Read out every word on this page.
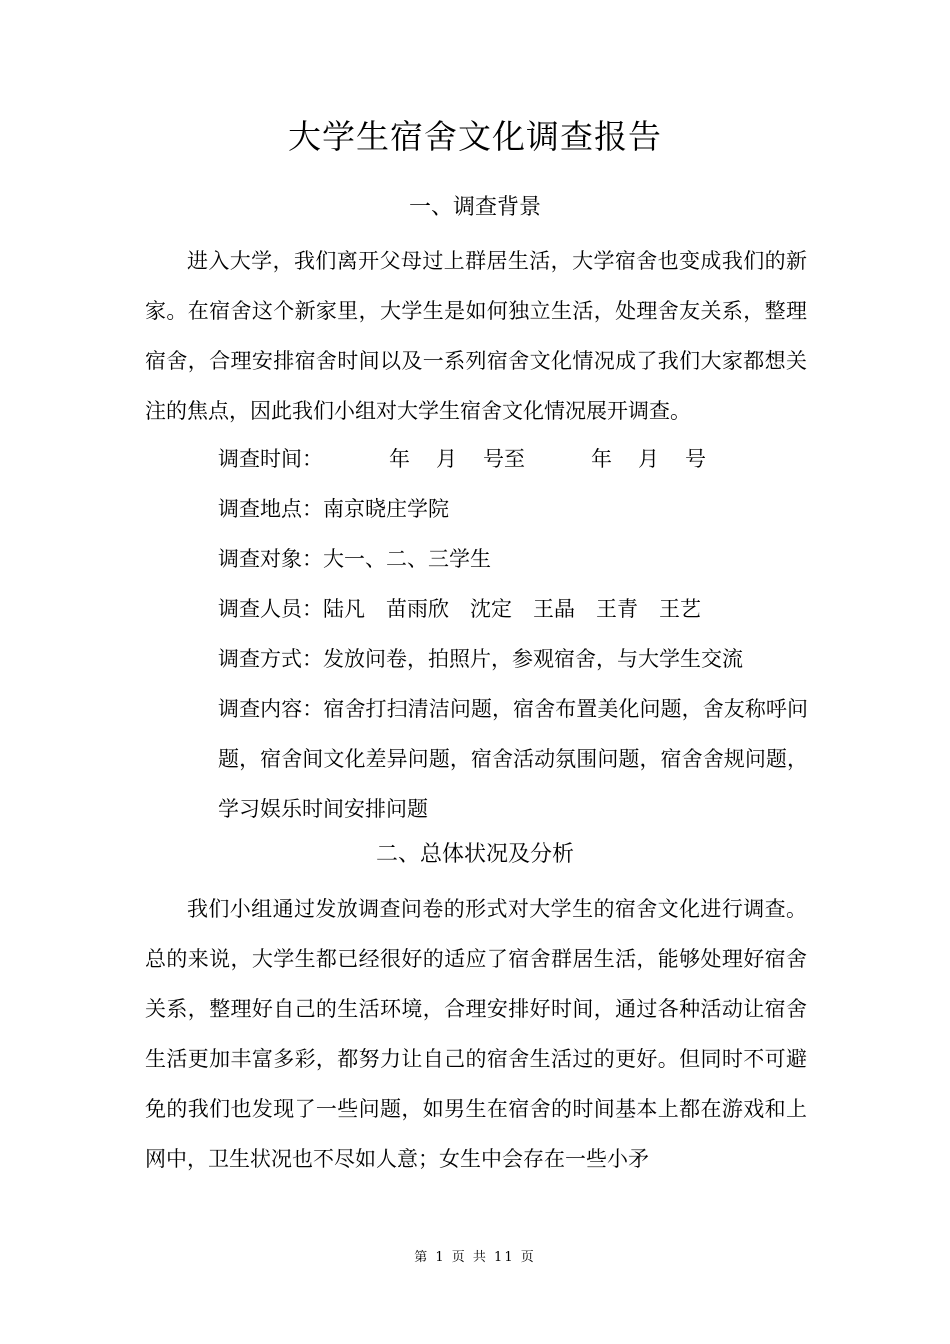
大学生宿舍文化调查报告
一、调查背景

进入大学，我们离开父母过上群居生活，大学宿舍也变成我们的新家。在宿舍这个新家里，大学生是如何独立生活，处理舍友关系，整理宿舍，合理安排宿舍时间以及一系列宿舍文化情况成了我们大家都想关注的焦点，因此我们小组对大学生宿舍文化情况展开调查。

调查时间：	年 月 号至	年 月 号
调查地点：南京晓庄学院
调查对象：大一、二、三学生
调查人员：陆凡　苗雨欣　沈定　王晶　王青　王艺
调查方式：发放问卷，拍照片，参观宿舍，与大学生交流
调查内容：宿舍打扫清洁问题，宿舍布置美化问题，舍友称呼问题，宿舍间文化差异问题，宿舍活动氛围问题，宿舍舍规问题，学习娱乐时间安排问题
二、总体状况及分析

我们小组通过发放调查问卷的形式对大学生的宿舍文化进行调查。总的来说，大学生都已经很好的适应了宿舍群居生活，能够处理好宿舍关系，整理好自己的生活环境，合理安排好时间，通过各种活动让宿舍生活更加丰富多彩，都努力让自己的宿舍生活过的更好。但同时不可避免的我们也发现了一些问题，如男生在宿舍的时间基本上都在游戏和上网中，卫生状况也不尽如人意；女生中会存在一些小矛

第 1 页 共 11 页
